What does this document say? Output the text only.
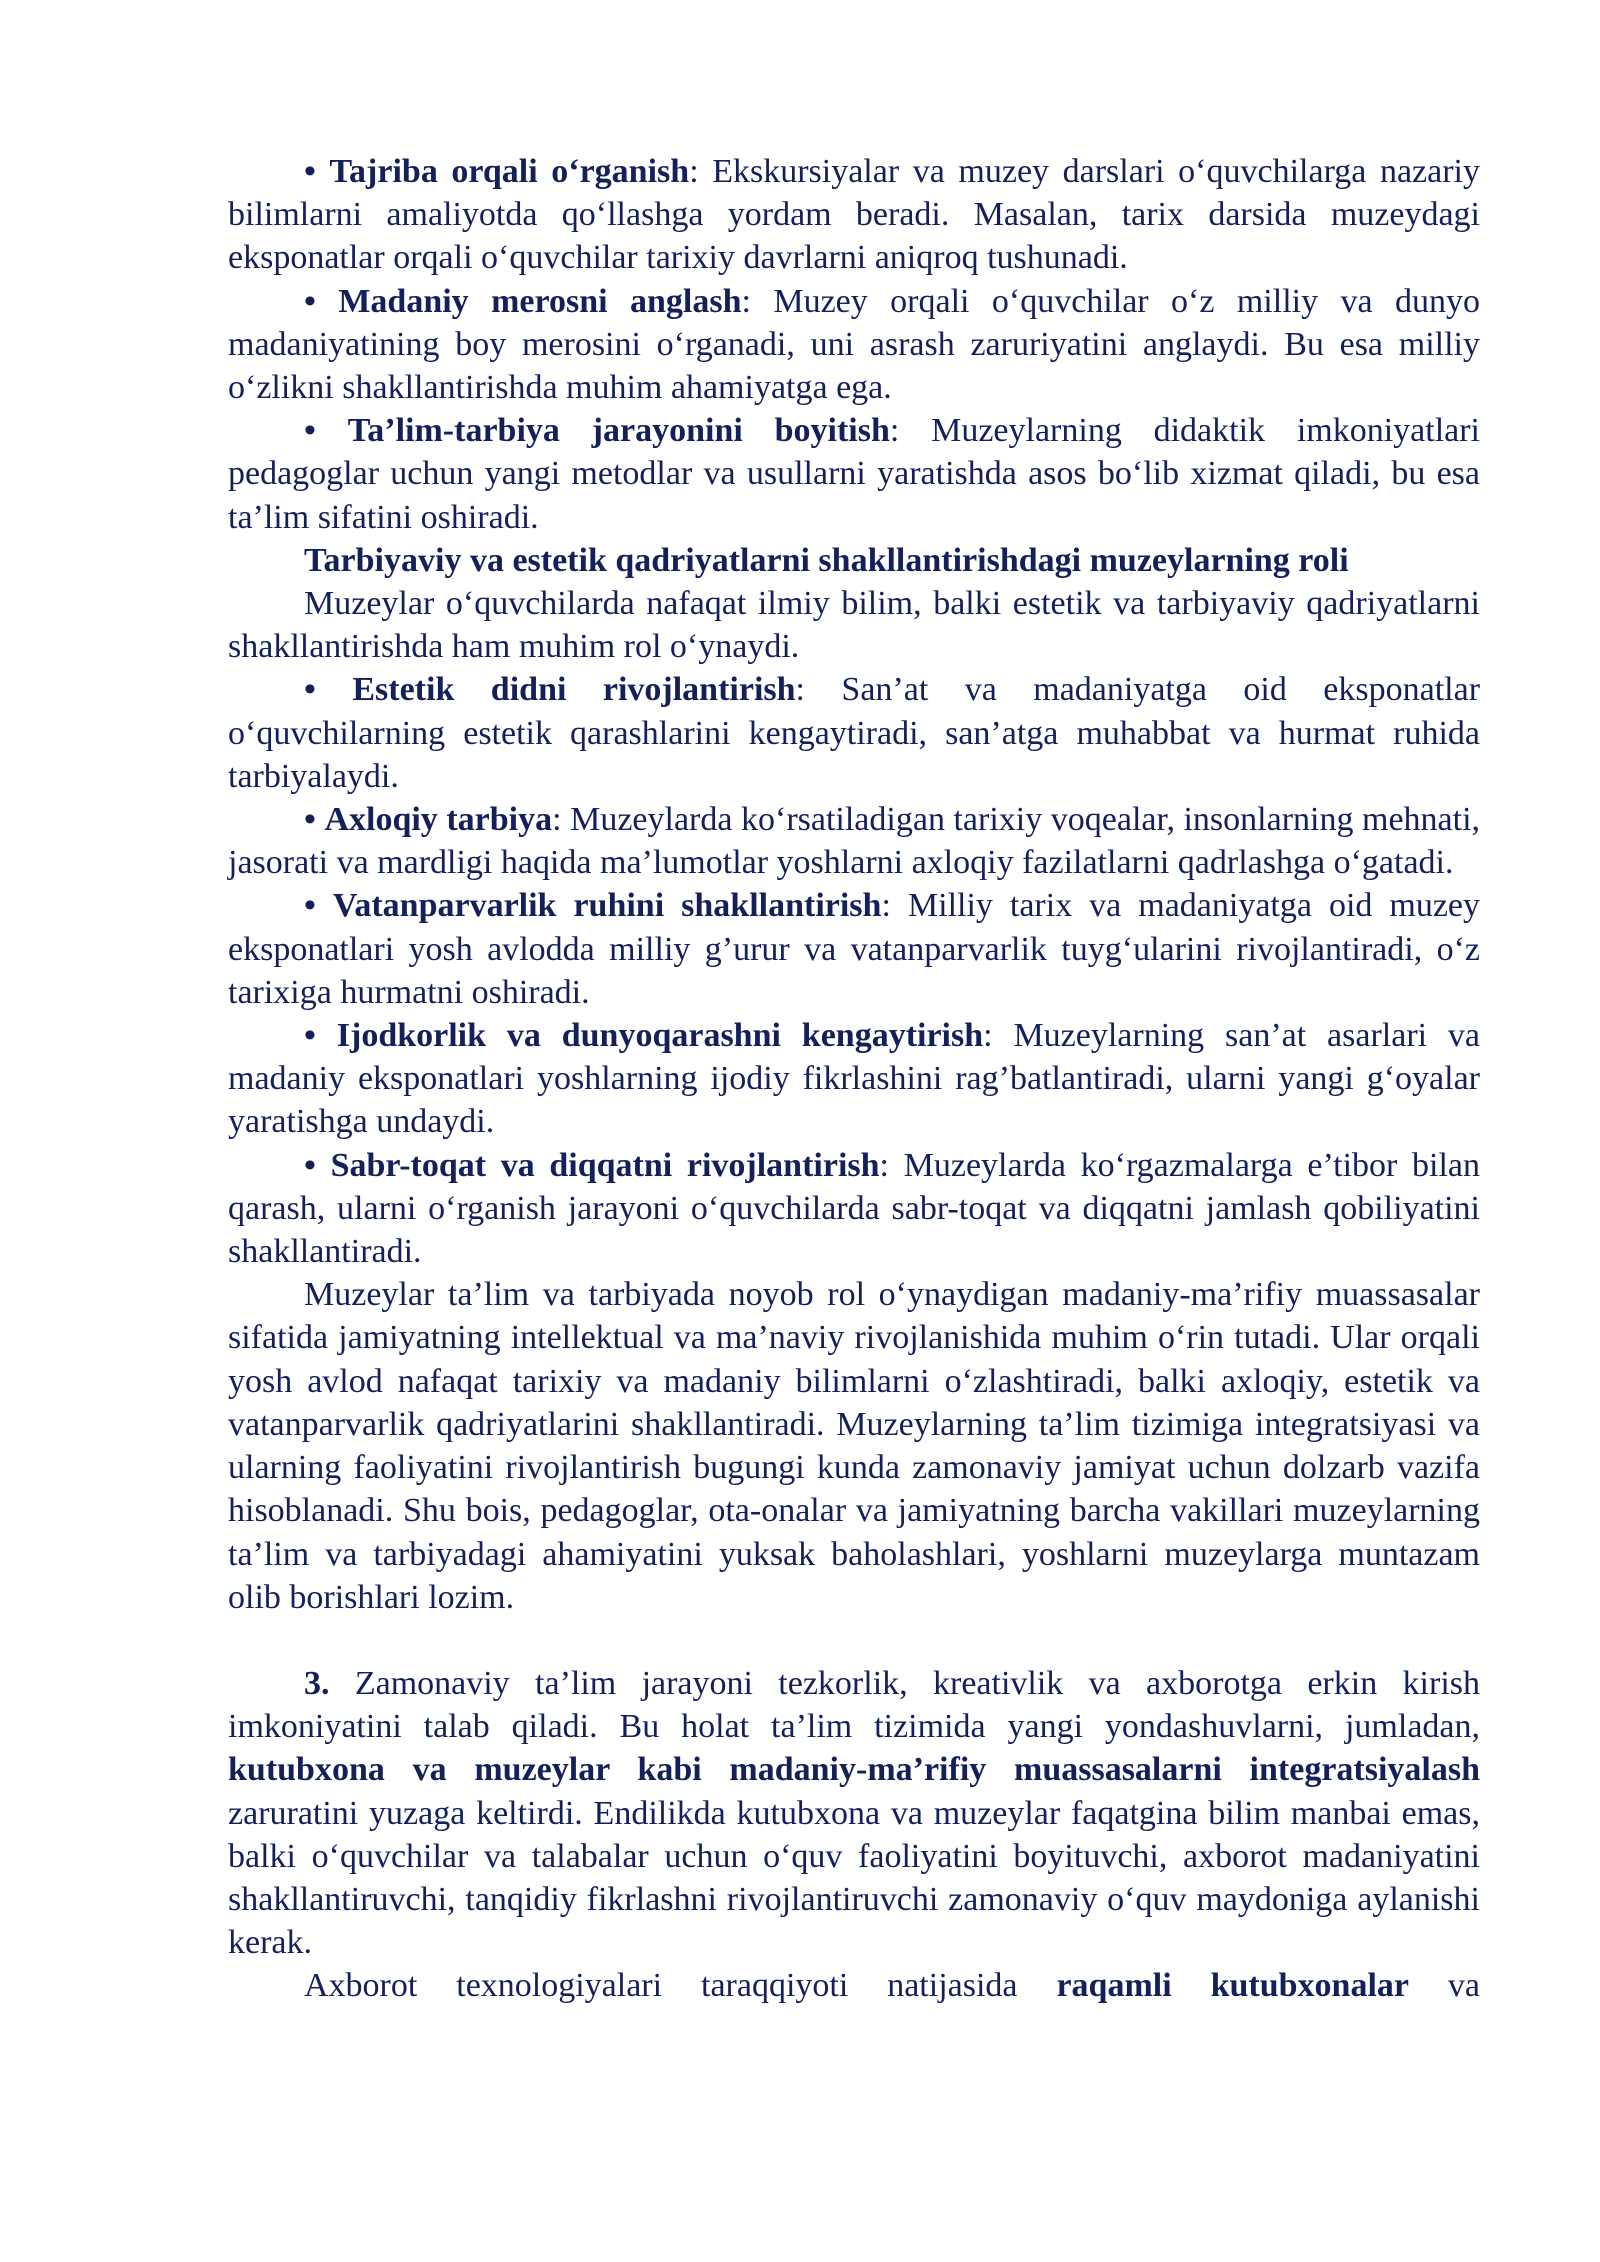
• Tajriba orqali o‘rganish: Ekskursiyalar va muzey darslari o‘quvchilarga nazariy bilimlarni amaliyotda qo‘llashga yordam beradi. Masalan, tarix darsida muzeydagi eksponatlar orqali o‘quvchilar tarixiy davrlarni aniqroq tushunadi.

• Madaniy merosni anglash: Muzey orqali o‘quvchilar o‘z milliy va dunyo madaniyatining boy merosini o‘rganadi, uni asrash zaruriyatini anglaydi. Bu esa milliy o‘zlikni shakllantirishda muhim ahamiyatga ega.

• Ta’lim-tarbiya jarayonini boyitish: Muzeylarning didaktik imkoniyatlari pedagoglar uchun yangi metodlar va usullarni yaratishda asos bo‘lib xizmat qiladi, bu esa ta’lim sifatini oshiradi.

Tarbiyaviy va estetik qadriyatlarni shakllantirishdagi muzeylarning roli

Muzeylar o‘quvchilarda nafaqat ilmiy bilim, balki estetik va tarbiyaviy qadriyatlarni shakllantirishda ham muhim rol o‘ynaydi.

• Estetik didni rivojlantirish: San’at va madaniyatga oid eksponatlar o‘quvchilarning estetik qarashlarini kengaytiradi, san’atga muhabbat va hurmat ruhida tarbiyalaydi.

• Axloqiy tarbiya: Muzeylarda ko‘rsatiladigan tarixiy voqealar, insonlarning mehnati, jasorati va mardligi haqida ma’lumotlar yoshlarni axloqiy fazilatlarni qadrlashga o‘gatadi.

• Vatanparvarlik ruhini shakllantirish: Milliy tarix va madaniyatga oid muzey eksponatlari yosh avlodda milliy g’urur va vatanparvarlik tuyg‘ularini rivojlantiradi, o‘z tarixiga hurmatni oshiradi.

• Ijodkorlik va dunyoqarashni kengaytirish: Muzeylarning san’at asarlari va madaniy eksponatlari yoshlarning ijodiy fikrlashini rag’batlantiradi, ularni yangi g‘oyalar yaratishga undaydi.

• Sabr-toqat va diqqatni rivojlantirish: Muzeylarda ko‘rgazmalarga e’tibor bilan qarash, ularni o‘rganish jarayoni o‘quvchilarda sabr-toqat va diqqatni jamlash qobiliyatini shakllantiradi.

Muzeylar ta’lim va tarbiyada noyob rol o‘ynaydigan madaniy-ma’rifiy muassasalar sifatida jamiyatning intellektual va ma’naviy rivojlanishida muhim o‘rin tutadi. Ular orqali yosh avlod nafaqat tarixiy va madaniy bilimlarni o‘zlashtiradi, balki axloqiy, estetik va vatanparvarlik qadriyatlarini shakllantiradi. Muzeylarning ta’lim tizimiga integratsiyasi va ularning faoliyatini rivojlantirish bugungi kunda zamonaviy jamiyat uchun dolzarb vazifa hisoblanadi. Shu bois, pedagoglar, ota-onalar va jamiyatning barcha vakillari muzeylarning ta’lim va tarbiyadagi ahamiyatini yuksak baholashlari, yoshlarni muzeylarga muntazam olib borishlari lozim.

3. Zamonaviy ta’lim jarayoni tezkorlik, kreativlik va axborotga erkin kirish imkoniyatini talab qiladi. Bu holat ta’lim tizimida yangi yondashuvlarni, jumladan, kutubxona va muzeylar kabi madaniy-ma’rifiy muassasalarni integratsiyalash zaruratini yuzaga keltirdi. Endilikda kutubxona va muzeylar faqatgina bilim manbai emas, balki o‘quvchilar va talabalar uchun o‘quv faoliyatini boyituvchi, axborot madaniyatini shakllantiruvchi, tanqidiy fikrlashni rivojlantiruvchi zamonaviy o‘quv maydoniga aylanishi kerak.

Axborot texnologiyalari taraqqiyoti natijasida raqamli kutubxonalar va
